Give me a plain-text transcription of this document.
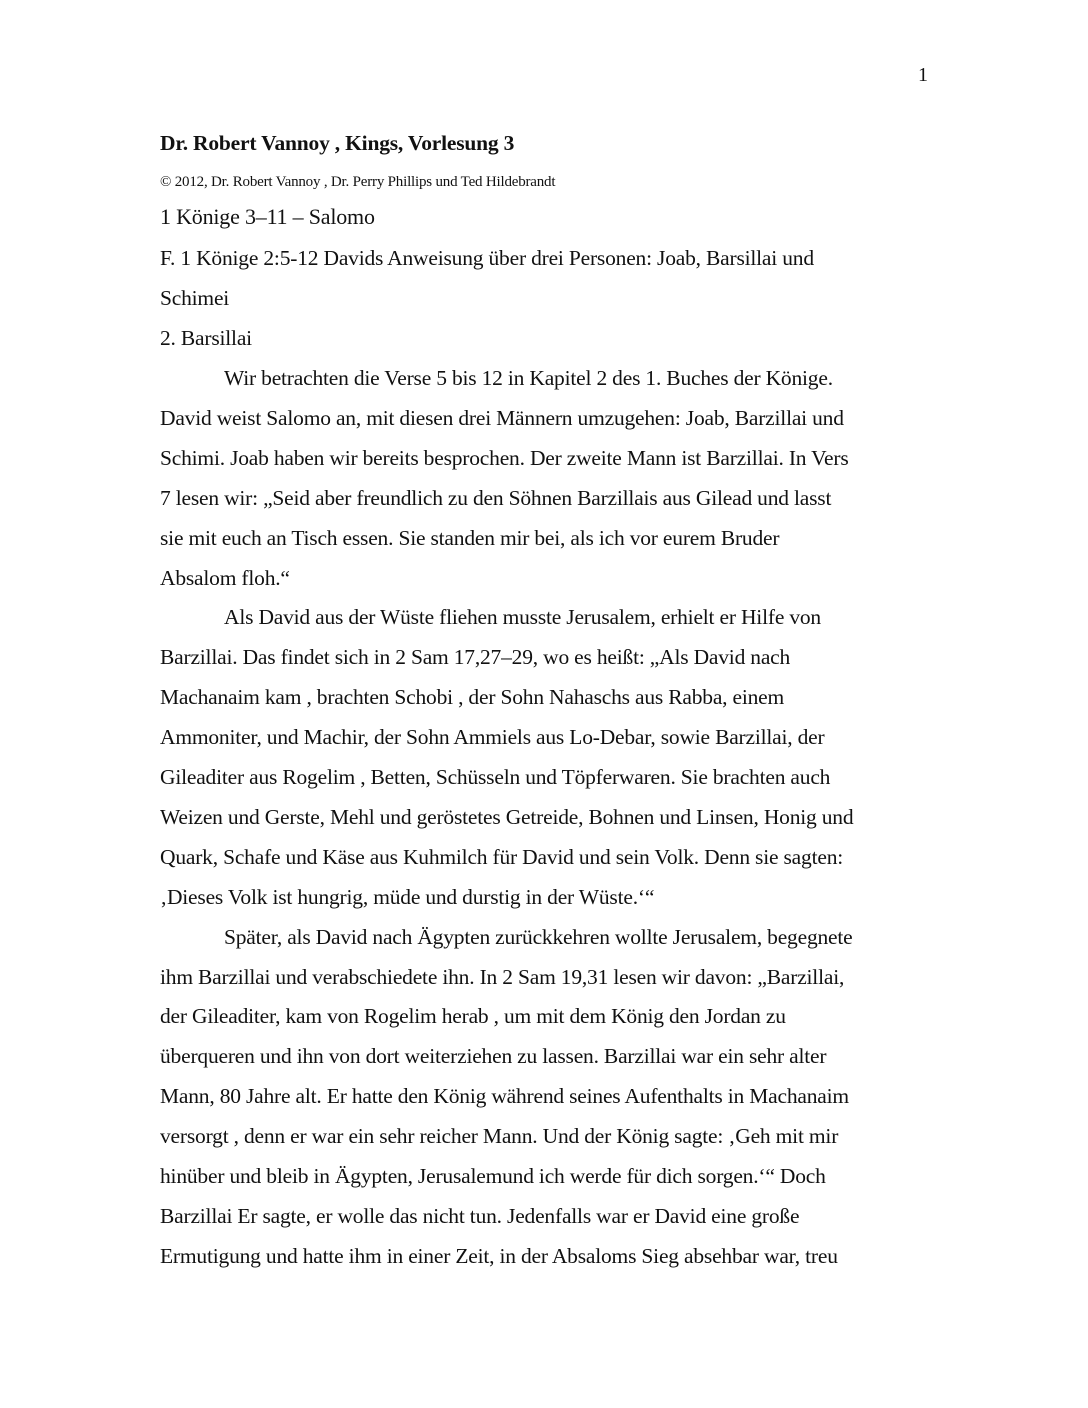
1
Dr. Robert Vannoy , Kings, Vorlesung 3
© 2012, Dr. Robert Vannoy , Dr. Perry Phillips und Ted Hildebrandt
1 Könige 3–11 – Salomo
F. 1 Könige 2:5-12 Davids Anweisung über drei Personen: Joab, Barsillai und
Schimei
2. Barsillai
Wir betrachten die Verse 5 bis 12 in Kapitel 2 des 1. Buches der Könige.
David weist Salomo an, mit diesen drei Männern umzugehen: Joab, Barzillai und
Schimi. Joab haben wir bereits besprochen. Der zweite Mann ist Barzillai. In Vers
7 lesen wir: „Seid aber freundlich zu den Söhnen Barzillais aus Gilead und lasst
sie mit euch an Tisch essen. Sie standen mir bei, als ich vor eurem Bruder
Absalom floh.“
Als David aus der Wüste fliehen musste Jerusalem, erhielt er Hilfe von
Barzillai. Das findet sich in 2 Sam 17,27–29, wo es heißt: „Als David nach
Machanaim kam , brachten Schobi , der Sohn Nahaschs aus Rabba, einem
Ammoniter, und Machir, der Sohn Ammiels aus Lo-Debar, sowie Barzillai, der
Gileaditer aus Rogelim , Betten, Schüsseln und Töpferwaren. Sie brachten auch
Weizen und Gerste, Mehl und geröstetes Getreide, Bohnen und Linsen, Honig und
Quark, Schafe und Käse aus Kuhmilch für David und sein Volk. Denn sie sagten:
‚Dieses Volk ist hungrig, müde und durstig in der Wüste.‘“
Später, als David nach Ägypten zurückkehren wollte Jerusalem, begegnete
ihm Barzillai und verabschiedete ihn. In 2 Sam 19,31 lesen wir davon: „Barzillai,
der Gileaditer, kam von Rogelim herab , um mit dem König den Jordan zu
überqueren und ihn von dort weiterziehen zu lassen. Barzillai war ein sehr alter
Mann, 80 Jahre alt. Er hatte den König während seines Aufenthalts in Machanaim
versorgt , denn er war ein sehr reicher Mann. Und der König sagte: ‚Geh mit mir
hinüber und bleib in Ägypten, Jerusalemund ich werde für dich sorgen.‘“ Doch
Barzillai Er sagte, er wolle das nicht tun. Jedenfalls war er David eine große
Ermutigung und hatte ihm in einer Zeit, in der Absaloms Sieg absehbar war, treu
